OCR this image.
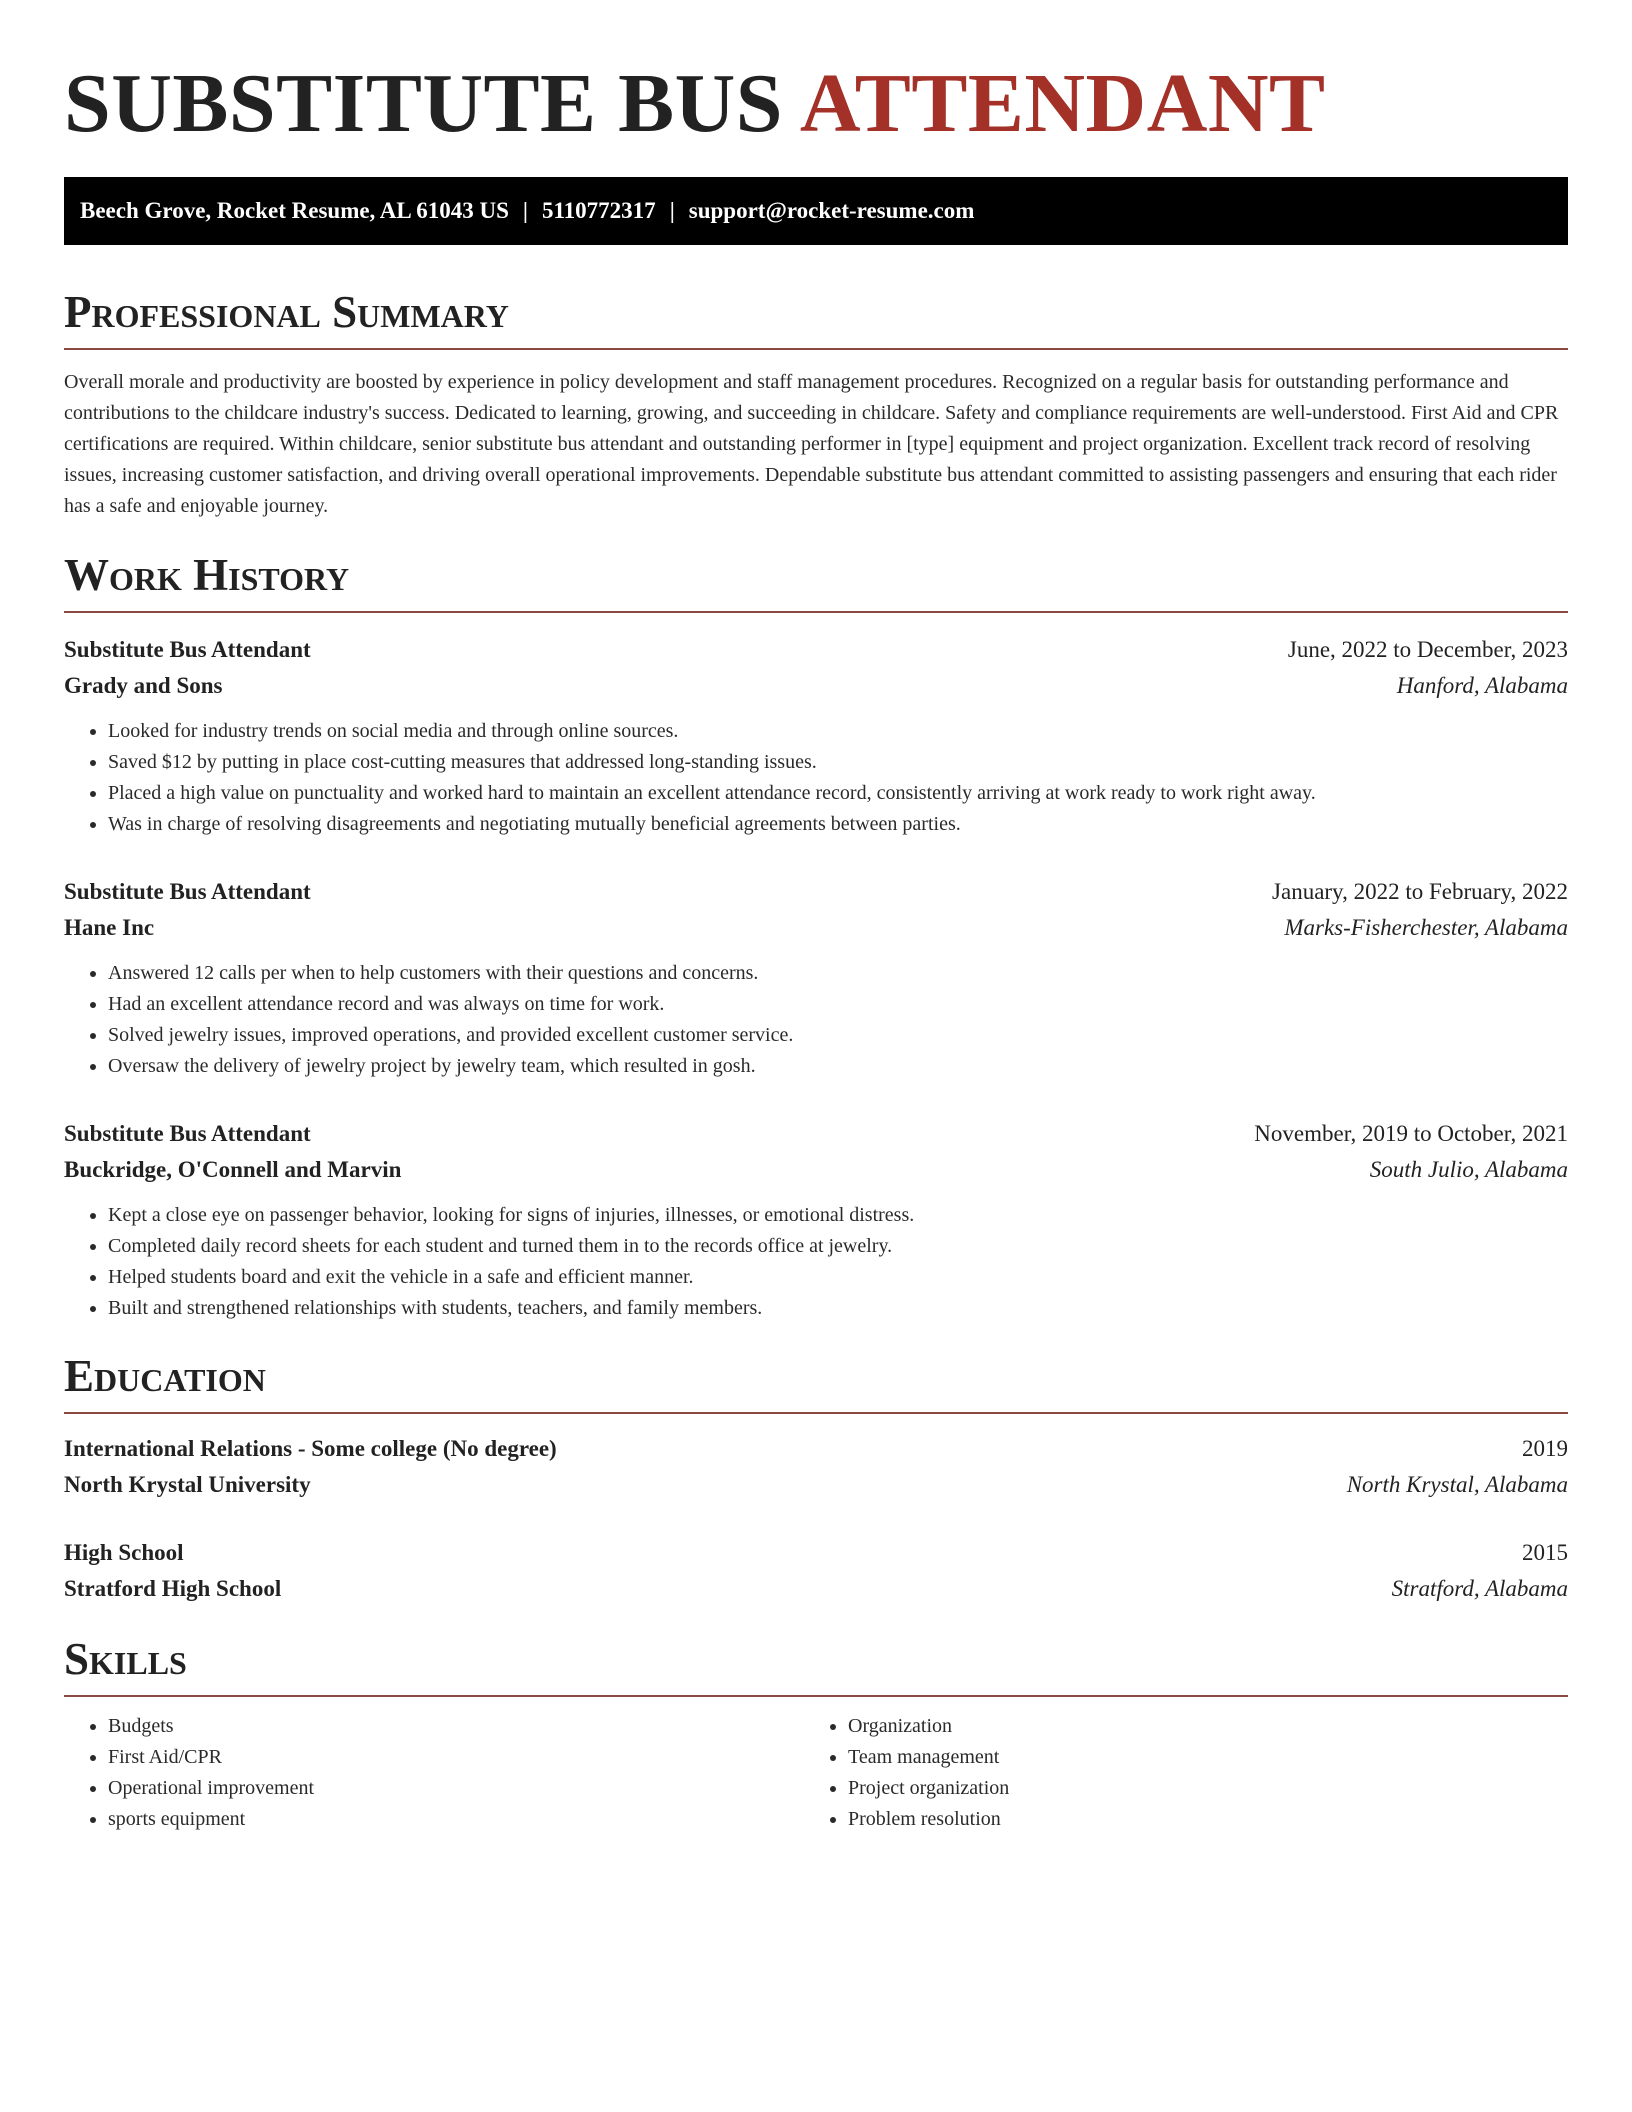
SUBSTITUTE BUS ATTENDANT
Beech Grove, Rocket Resume, AL 61043 US | 5110772317 | support@rocket-resume.com
Professional Summary

Overall morale and productivity are boosted by experience in policy development and staff management procedures. Recognized on a regular basis for outstanding performance and contributions to the childcare industry's success. Dedicated to learning, growing, and succeeding in childcare. Safety and compliance requirements are well-understood. First Aid and CPR certifications are required. Within childcare, senior substitute bus attendant and outstanding performer in [type] equipment and project organization. Excellent track record of resolving issues, increasing customer satisfaction, and driving overall operational improvements. Dependable substitute bus attendant committed to assisting passengers and ensuring that each rider has a safe and enjoyable journey.

Work History
Substitute Bus Attendant	June, 2022 to December, 2023
Grady and Sons	Hanford, Alabama
• Looked for industry trends on social media and through online sources.
• Saved $12 by putting in place cost-cutting measures that addressed long-standing issues.
• Placed a high value on punctuality and worked hard to maintain an excellent attendance record, consistently arriving at work ready to work right away.
• Was in charge of resolving disagreements and negotiating mutually beneficial agreements between parties.
Substitute Bus Attendant	January, 2022 to February, 2022
Hane Inc	Marks-Fisherchester, Alabama
• Answered 12 calls per when to help customers with their questions and concerns.
• Had an excellent attendance record and was always on time for work.
• Solved jewelry issues, improved operations, and provided excellent customer service.
• Oversaw the delivery of jewelry project by jewelry team, which resulted in gosh.
Substitute Bus Attendant	November, 2019 to October, 2021
Buckridge, O'Connell and Marvin	South Julio, Alabama
• Kept a close eye on passenger behavior, looking for signs of injuries, illnesses, or emotional distress.
• Completed daily record sheets for each student and turned them in to the records office at jewelry.
• Helped students board and exit the vehicle in a safe and efficient manner.
• Built and strengthened relationships with students, teachers, and family members.
Education
International Relations - Some college (No degree)	2019
North Krystal University	North Krystal, Alabama
High School	2015
Stratford High School	Stratford, Alabama
Skills
• Budgets
• First Aid/CPR
• Operational improvement
• sports equipment
• Organization
• Team management
• Project organization
• Problem resolution
